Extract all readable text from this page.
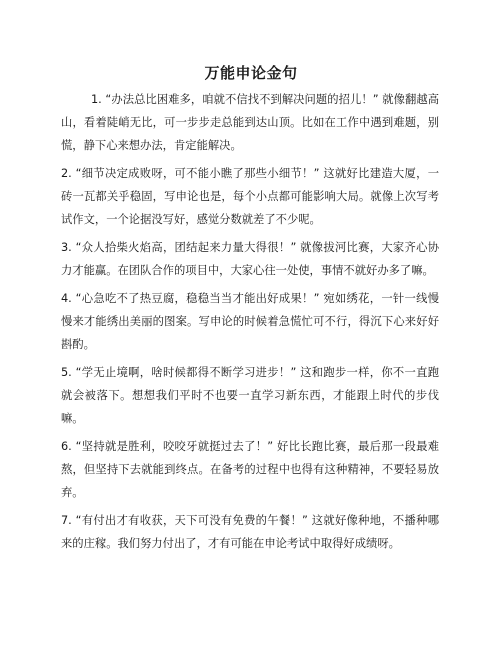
万能申论金句

1. “办法总比困难多，咱就不信找不到解决问题的招儿！” 就像翻越高山，看着陡峭无比，可一步步走总能到达山顶。比如在工作中遇到难题，别慌，静下心来想办法，肯定能解决。

2. “细节决定成败呀，可不能小瞧了那些小细节！” 这就好比建造大厦，一砖一瓦都关乎稳固，写申论也是，每个小点都可能影响大局。就像上次写考试作文，一个论据没写好，感觉分数就差了不少呢。

3. “众人拾柴火焰高，团结起来力量大得很！” 就像拔河比赛，大家齐心协力才能赢。在团队合作的项目中，大家心往一处使，事情不就好办多了嘛。

4. “心急吃不了热豆腐，稳稳当当才能出好成果！” 宛如绣花，一针一线慢慢来才能绣出美丽的图案。写申论的时候着急慌忙可不行，得沉下心来好好斟酌。

5. “学无止境啊，啥时候都得不断学习进步！” 这和跑步一样，你不一直跑就会被落下。想想我们平时不也要一直学习新东西，才能跟上时代的步伐嘛。

6. “坚持就是胜利，咬咬牙就挺过去了！” 好比长跑比赛，最后那一段最难熬，但坚持下去就能到终点。在备考的过程中也得有这种精神，不要轻易放弃。

7. “有付出才有收获，天下可没有免费的午餐！” 这就好像种地，不播种哪来的庄稼。我们努力付出了，才有可能在申论考试中取得好成绩呀。
